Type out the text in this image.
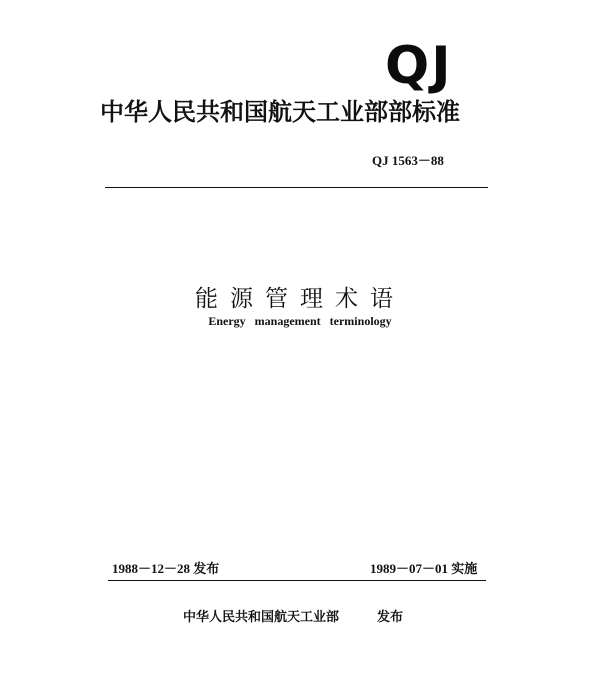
QJ
中华人民共和国航天工业部部标准
QJ 1563－88
能源管理术语
Energy management terminology
1988－12－28 发布	1989－07－01 实施
中华人民共和国航天工业部	发布
